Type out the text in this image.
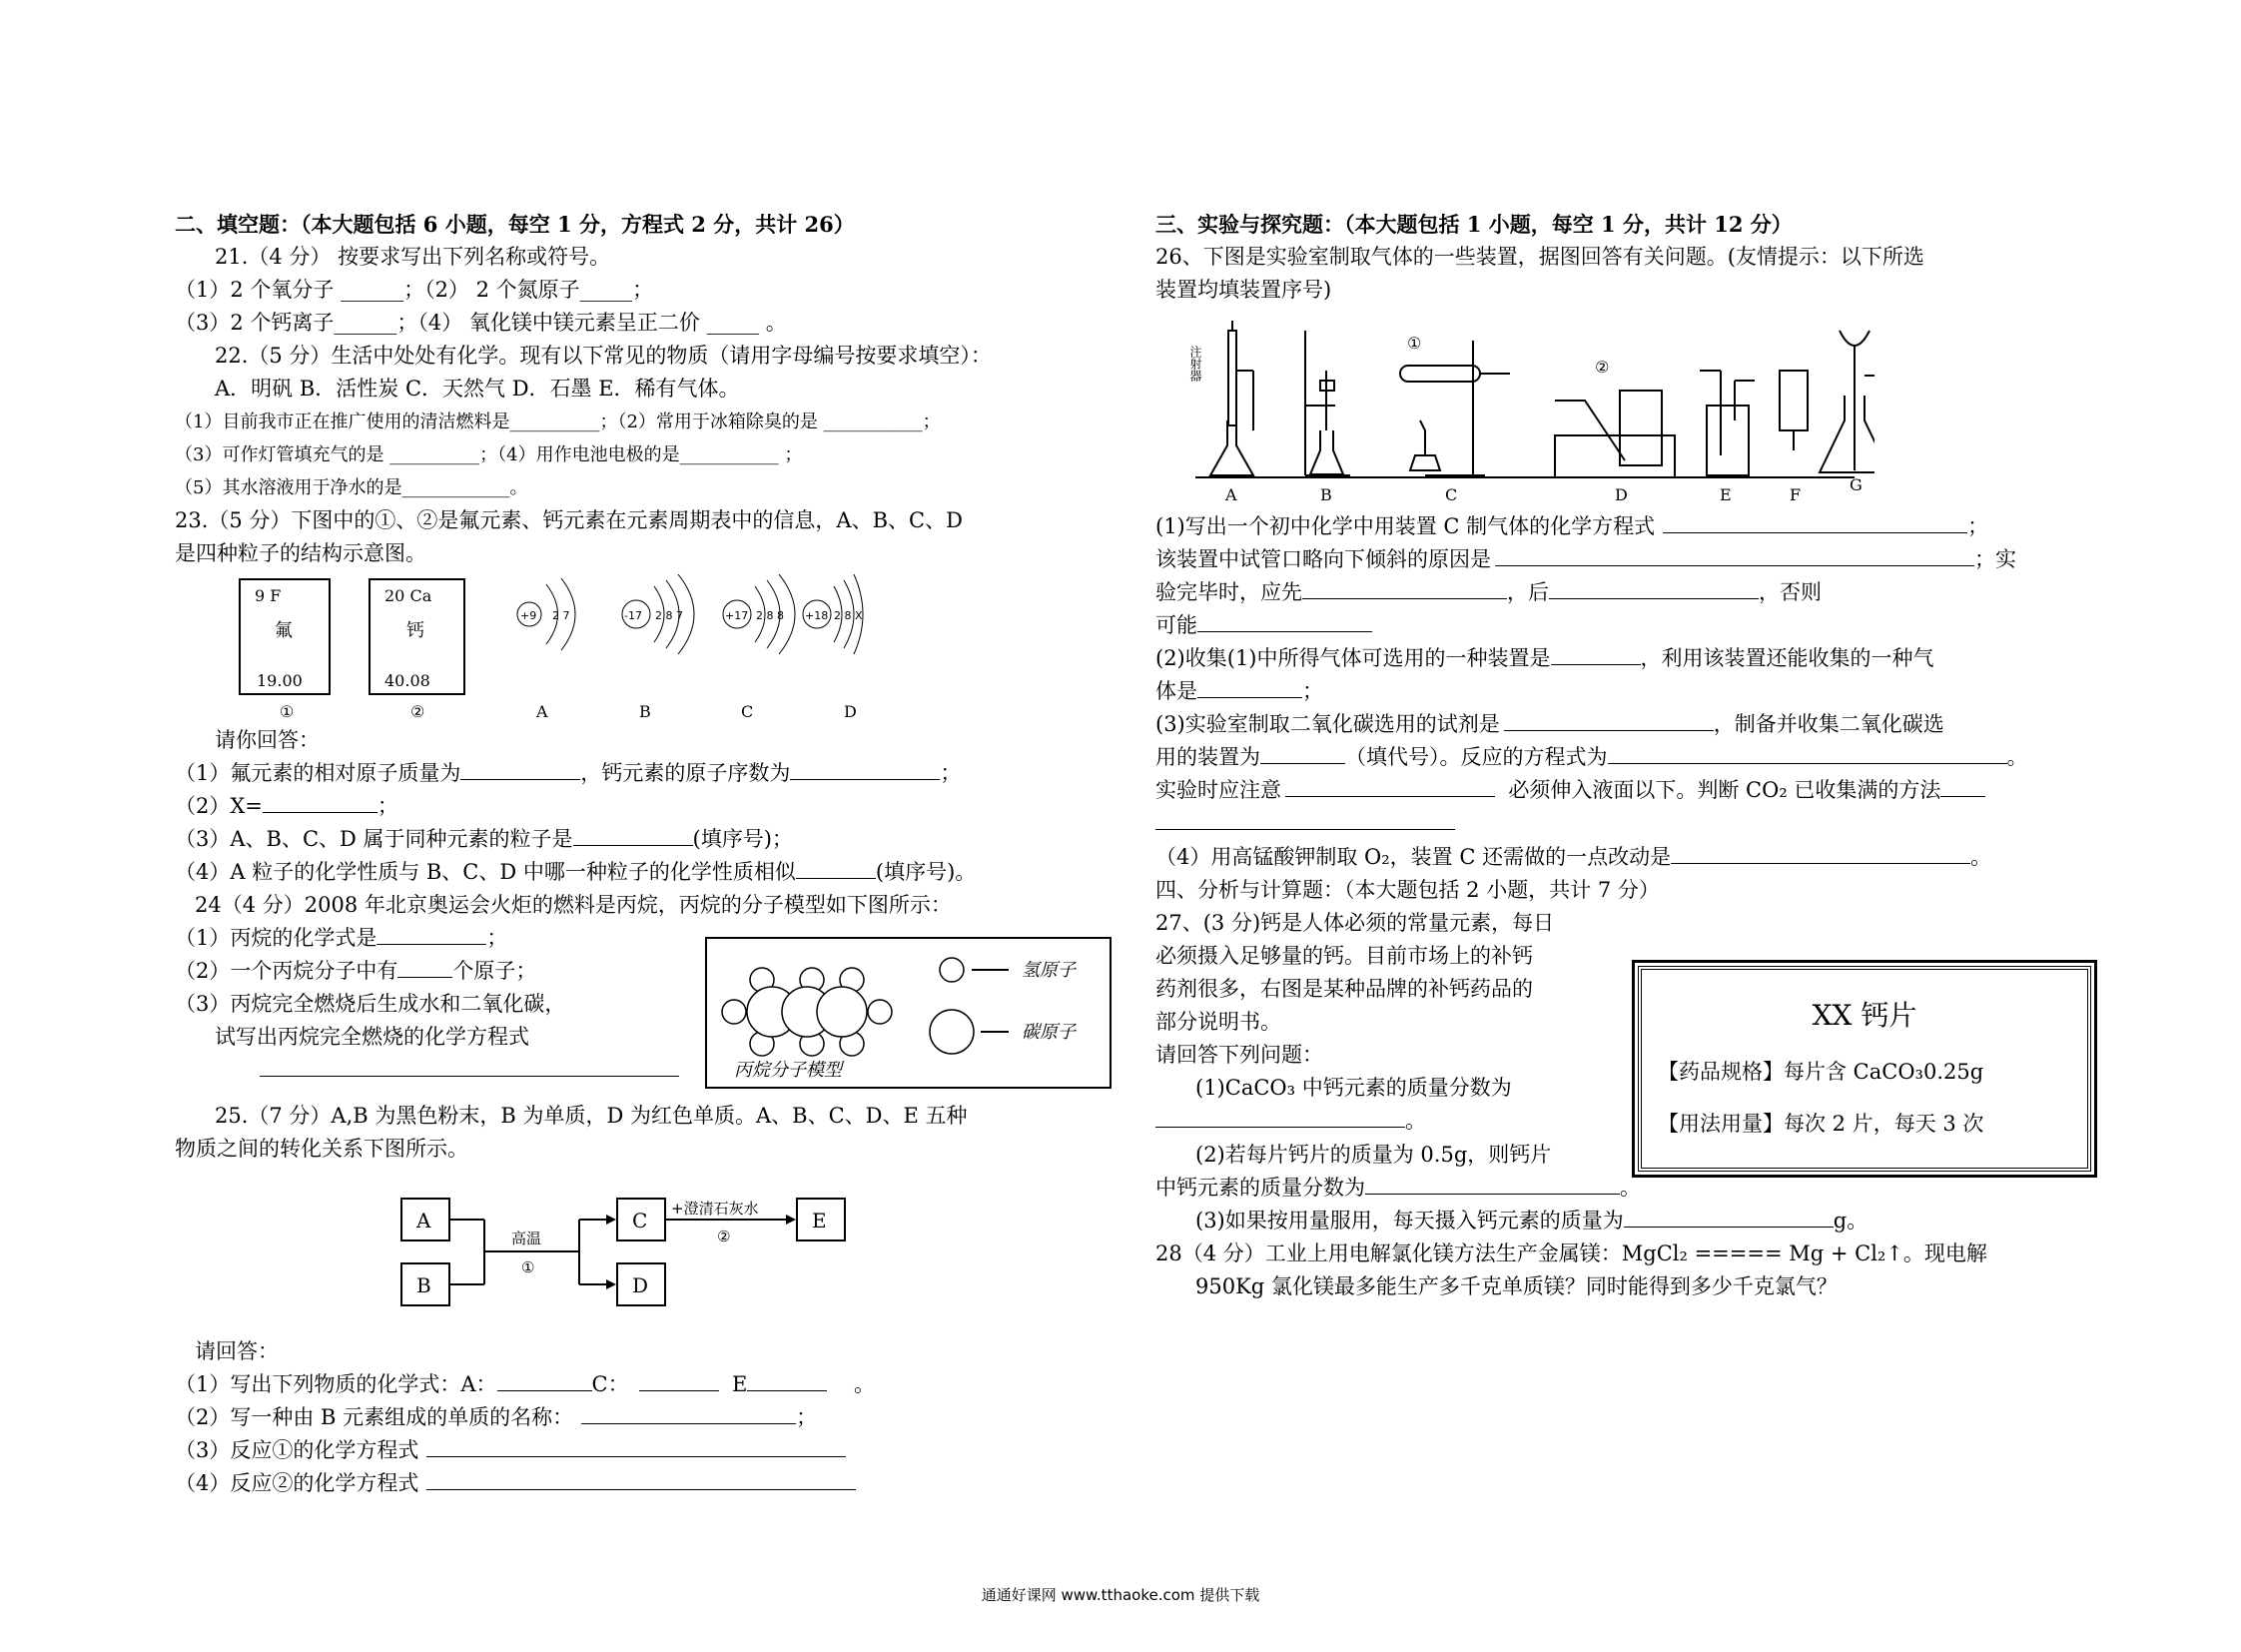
二、填空题：（本大题包括 6 小题，每空 1 分，方程式 2 分，共计 26）
21.（4 分） 按要求写出下列名称或符号。
（1）2 个氧分子 ______；（2） 2 个氮原子_____；
（3）2 个钙离子______；（4） 氧化镁中镁元素呈正二价 _____ 。
22.（5 分）生活中处处有化学。现有以下常见的物质（请用字母编号按要求填空）：
A．明矾 B．活性炭 C．天然气 D．石墨 E．稀有气体。
（1）目前我市正在推广使用的清洁燃料是__________；（2）常用于冰箱除臭的是 ___________；
（3）可作灯管填充气的是 __________；（4）用作电池电极的是___________ ；
（5）其水溶液用于净水的是____________。
23.（5 分）下图中的①、②是氟元素、钙元素在元素周期表中的信息，A、B、C、D
是四种粒子的结构示意图。
9 F
氟
19.00
①
20 Ca
钙
40.08
②
+9 2 7
A
-17 2 8 7
B
+17 2 8 8
C
+18 2 8 X
D
请你回答：
（1）氟元素的相对原子质量为	，钙元素的原子序数为	；
（2）X=	；
（3）A、B、C、D 属于同种元素的粒子是	(填序号)；
（4）A 粒子的化学性质与 B、C、D 中哪一种粒子的化学性质相似	(填序号)。
24（4 分）2008 年北京奥运会火炬的燃料是丙烷，丙烷的分子模型如下图所示：
（1）丙烷的化学式是	；
（2）一个丙烷分子中有	个原子；
（3）丙烷完全燃烧后生成水和二氧化碳，
试写出丙烷完全燃烧的化学方程式
25.（7 分）A,B 为黑色粉末，B 为单质，D 为红色单质。A、B、C、D、E 五种
物质之间的转化关系下图所示。
请回答：
（1）写出下列物质的化学式：A：	C：	E	。
（2）写一种由 B 元素组成的单质的名称：	；
（3）反应①的化学方程式
（4）反应②的化学方程式
氢原子
碳原子
丙烷分子模型
A
B
C
D
E
高温
①
+澄清石灰水
②
三、实验与探究题：（本大题包括 1 小题，每空 1 分，共计 12 分）
26、下图是实验室制取气体的一些装置，据图回答有关问题。(友情提示：以下所选
装置均填装置序号)
注射器
①
②
A	B	C	D	E	F
G
(1)写出一个初中化学中用装置 C 制气体的化学方程式	；
该装置中试管口略向下倾斜的原因是	；实
验完毕时，应先	，后	，否则
可能
(2)收集(1)中所得气体可选用的一种装置是	，利用该装置还能收集的一种气
体是	；
(3)实验室制取二氧化碳选用的试剂是	，制备并收集二氧化碳选
用的装置为	（填代号）。反应的方程式为	。
实验时应注意	必须伸入液面以下。判断 CO₂ 已收集满的方法
（4）用高锰酸钾制取 O₂，装置 C 还需做的一点改动是	。
四、分析与计算题：（本大题包括 2 小题，共计 7 分）
27、(3 分)钙是人体必须的常量元素，每日
必须摄入足够量的钙。目前市场上的补钙
药剂很多，右图是某种品牌的补钙药品的
部分说明书。
请回答下列问题：
(1)CaCO₃ 中钙元素的质量分数为
。
(2)若每片钙片的质量为 0.5g，则钙片
中钙元素的质量分数为	。
(3)如果按用量服用，每天摄入钙元素的质量为	g。
28（4 分）工业上用电解氯化镁方法生产金属镁：MgCl₂ ===== Mg + Cl₂↑。现电解
950Kg 氯化镁最多能生产多千克单质镁？同时能得到多少千克氯气？
XX 钙片
【药品规格】每片含 CaCO₃0.25g
【用法用量】每次 2 片，每天 3 次
通通好课网 www.tthaoke.com 提供下载
